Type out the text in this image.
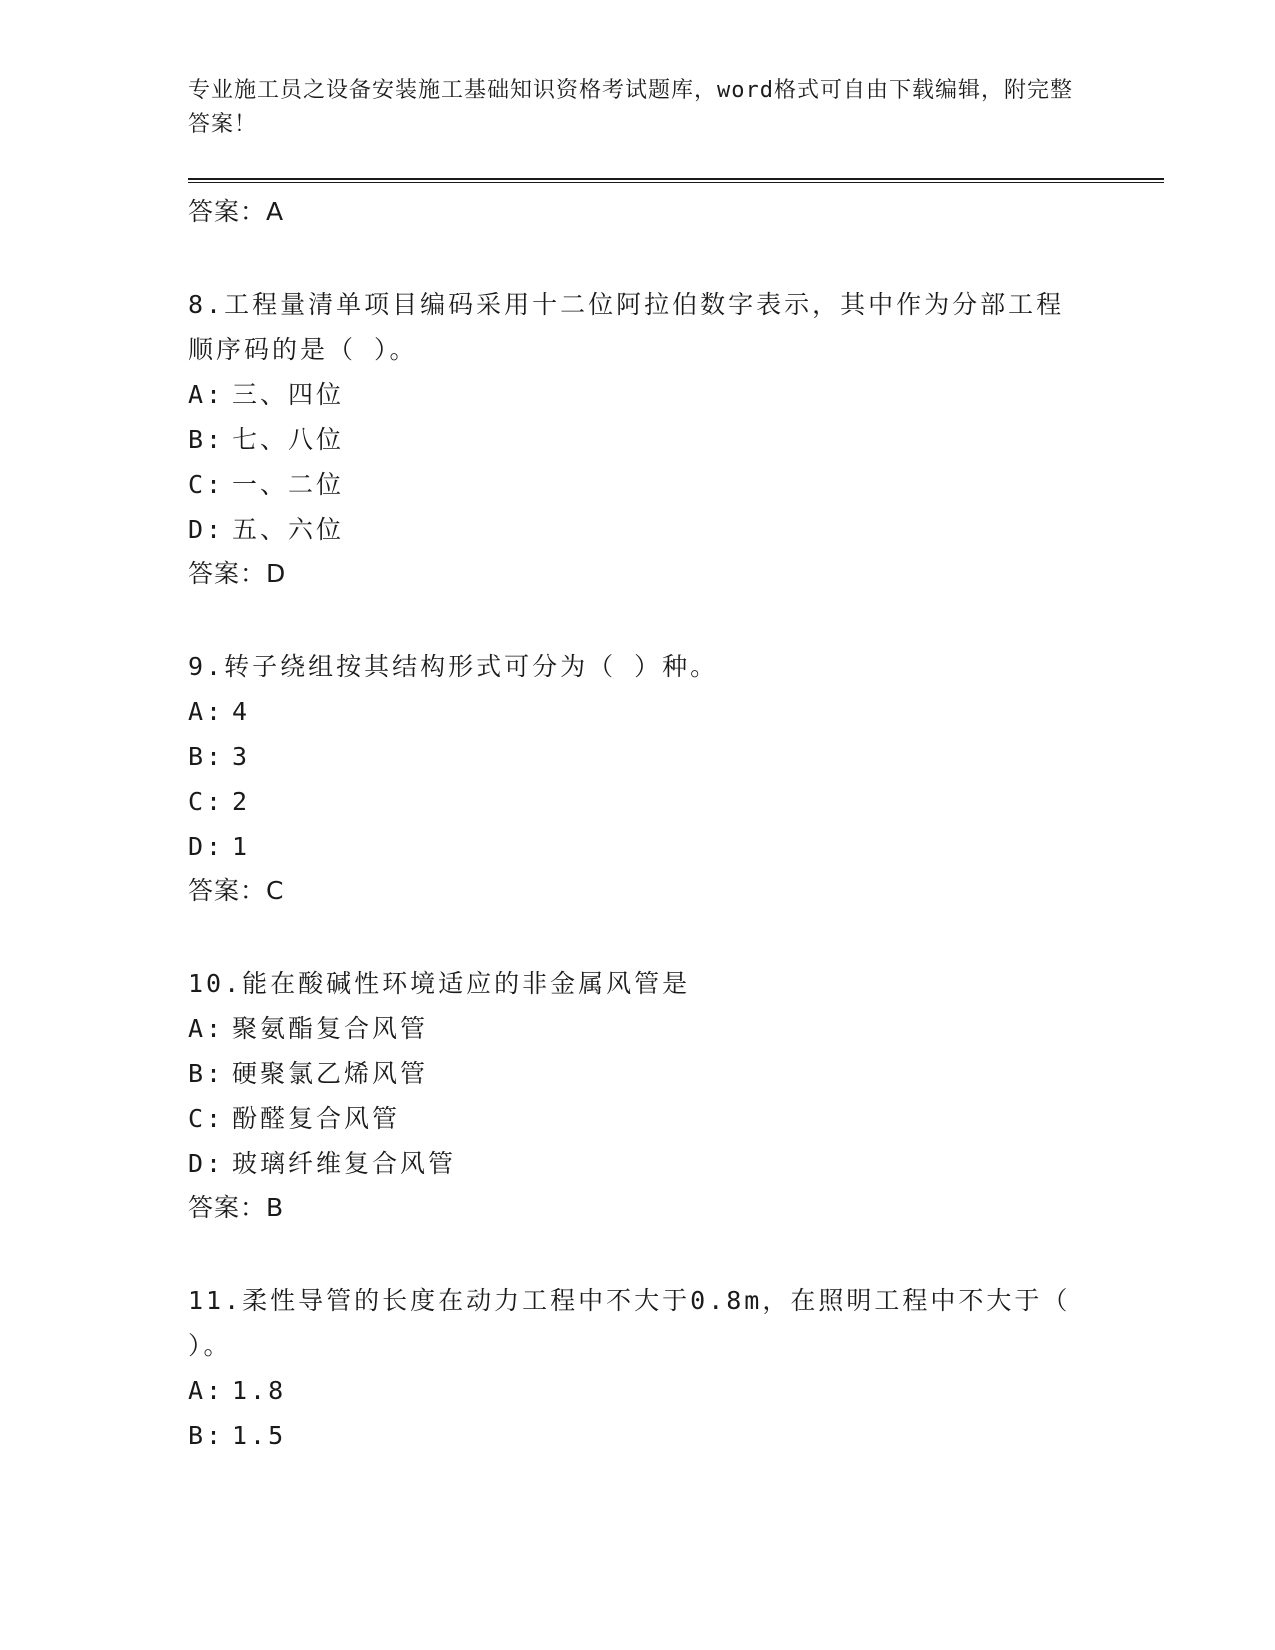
专业施工员之设备安装施工基础知识资格考试题库，word格式可自由下载编辑，附完整答案！

答案：A

8.工程量清单项目编码采用十二位阿拉伯数字表示，其中作为分部工程顺序码的是（ ）。

A: 三、四位

B: 七、八位

C: 一、二位

D: 五、六位

答案：D

9.转子绕组按其结构形式可分为（ ）种。

A: 4

B: 3

C: 2

D: 1

答案：C

10.能在酸碱性环境适应的非金属风管是

A: 聚氨酯复合风管

B: 硬聚氯乙烯风管

C: 酚醛复合风管

D: 玻璃纤维复合风管

答案：B

11.柔性导管的长度在动力工程中不大于0.8m，在照明工程中不大于（ ）。

A: 1.8

B: 1.5
